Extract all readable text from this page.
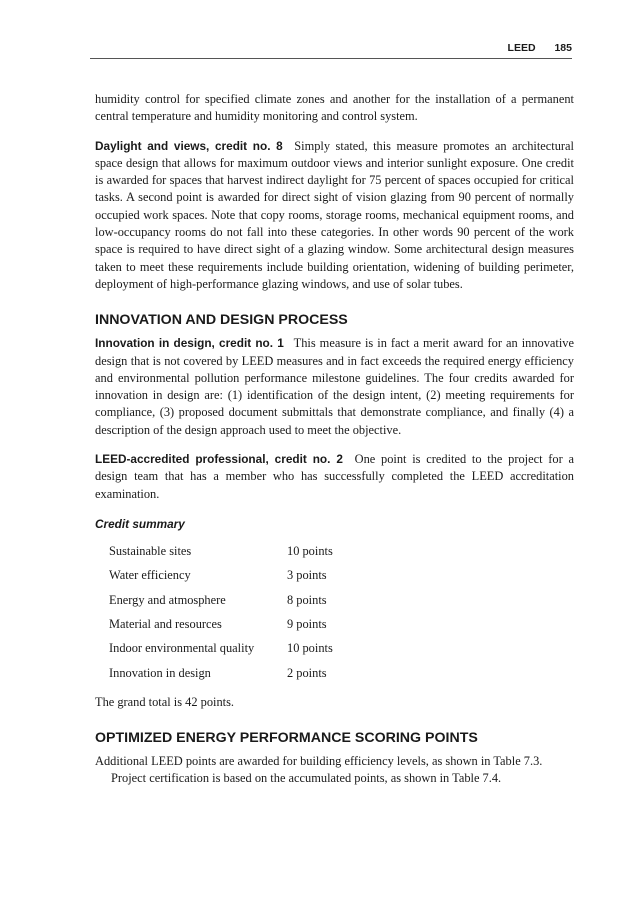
LEED 185

humidity control for specified climate zones and another for the installation of a permanent central temperature and humidity monitoring and control system.

Daylight and views, credit no. 8 Simply stated, this measure promotes an architectural space design that allows for maximum outdoor views and interior sunlight exposure. One credit is awarded for spaces that harvest indirect daylight for 75 percent of spaces occupied for critical tasks. A second point is awarded for direct sight of vision glazing from 90 percent of normally occupied work spaces. Note that copy rooms, storage rooms, mechanical equipment rooms, and low-occupancy rooms do not fall into these categories. In other words 90 percent of the work space is required to have direct sight of a glazing window. Some architectural design measures taken to meet these requirements include building orientation, widening of building perimeter, deployment of high-performance glazing windows, and use of solar tubes.

INNOVATION AND DESIGN PROCESS

Innovation in design, credit no. 1 This measure is in fact a merit award for an innovative design that is not covered by LEED measures and in fact exceeds the required energy efficiency and environmental pollution performance milestone guidelines. The four credits awarded for innovation in design are: (1) identification of the design intent, (2) meeting requirements for compliance, (3) proposed document submittals that demonstrate compliance, and finally (4) a description of the design approach used to meet the objective.

LEED-accredited professional, credit no. 2 One point is credited to the project for a design team that has a member who has successfully completed the LEED accreditation examination.

Credit summary
Sustainable sites	10 points
Water efficiency	3 points
Energy and atmosphere	8 points
Material and resources	9 points
Indoor environmental quality	10 points
Innovation in design	2 points

The grand total is 42 points.

OPTIMIZED ENERGY PERFORMANCE SCORING POINTS

Additional LEED points are awarded for building efficiency levels, as shown in Table 7.3.

Project certification is based on the accumulated points, as shown in Table 7.4.
